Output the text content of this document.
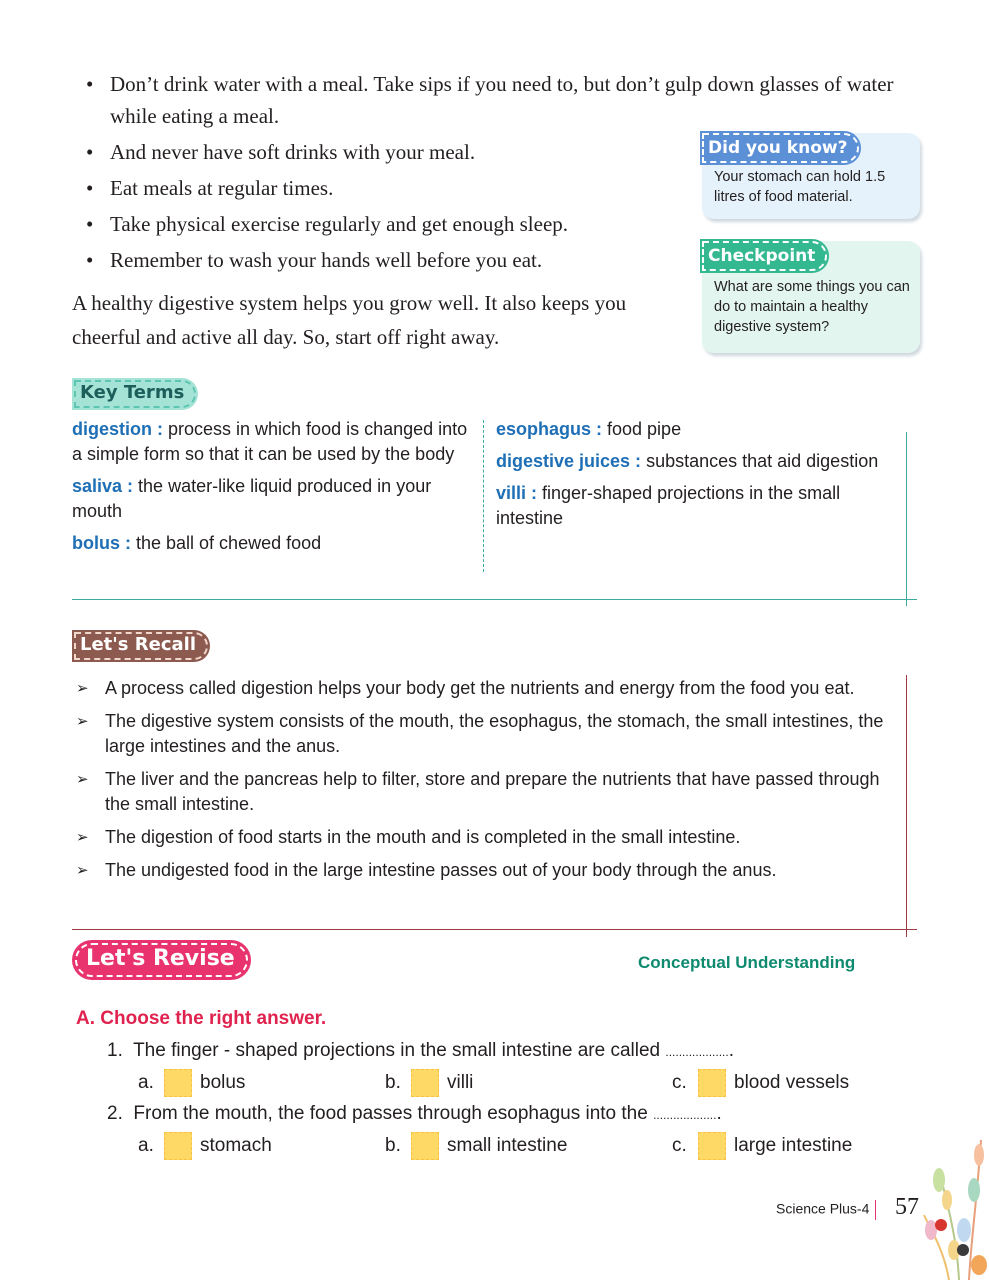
• Don’t drink water with a meal. Take sips if you need to, but don’t gulp down glasses of water while eating a meal.
• And never have soft drinks with your meal.
• Eat meals at regular times.
• Take physical exercise regularly and get enough sleep.
• Remember to wash your hands well before you eat.
A healthy digestive system helps you grow well. It also keeps you cheerful and active all day. So, start off right away.
Did you know?
Your stomach can hold 1.5 litres of food material.
Checkpoint
What are some things you can do to maintain a healthy digestive system?
Key Terms

digestion : process in which food is changed into a simple form so that it can be used by the body

saliva : the water-like liquid produced in your mouth

bolus : the ball of chewed food

esophagus : food pipe

digestive juices : substances that aid digestion

villi : finger-shaped projections in the small intestine

Let's Recall
➢ A process called digestion helps your body get the nutrients and energy from the food you eat.
➢ The digestive system consists of the mouth, the esophagus, the stomach, the small intestines, the large intestines and the anus.
➢ The liver and the pancreas help to filter, store and prepare the nutrients that have passed through the small intestine.
➢ The digestion of food starts in the mouth and is completed in the small intestine.
➢ The undigested food in the large intestine passes out of your body through the anus.
Let's Revise	Conceptual Understanding
A. Choose the right answer.
1. The finger - shaped projections in the small intestine are called ....................
a. bolus	b. villi	c. blood vessels
2. From the mouth, the food passes through esophagus into the ....................
a. stomach	b. small intestine	c. large intestine
Science Plus-4	57
